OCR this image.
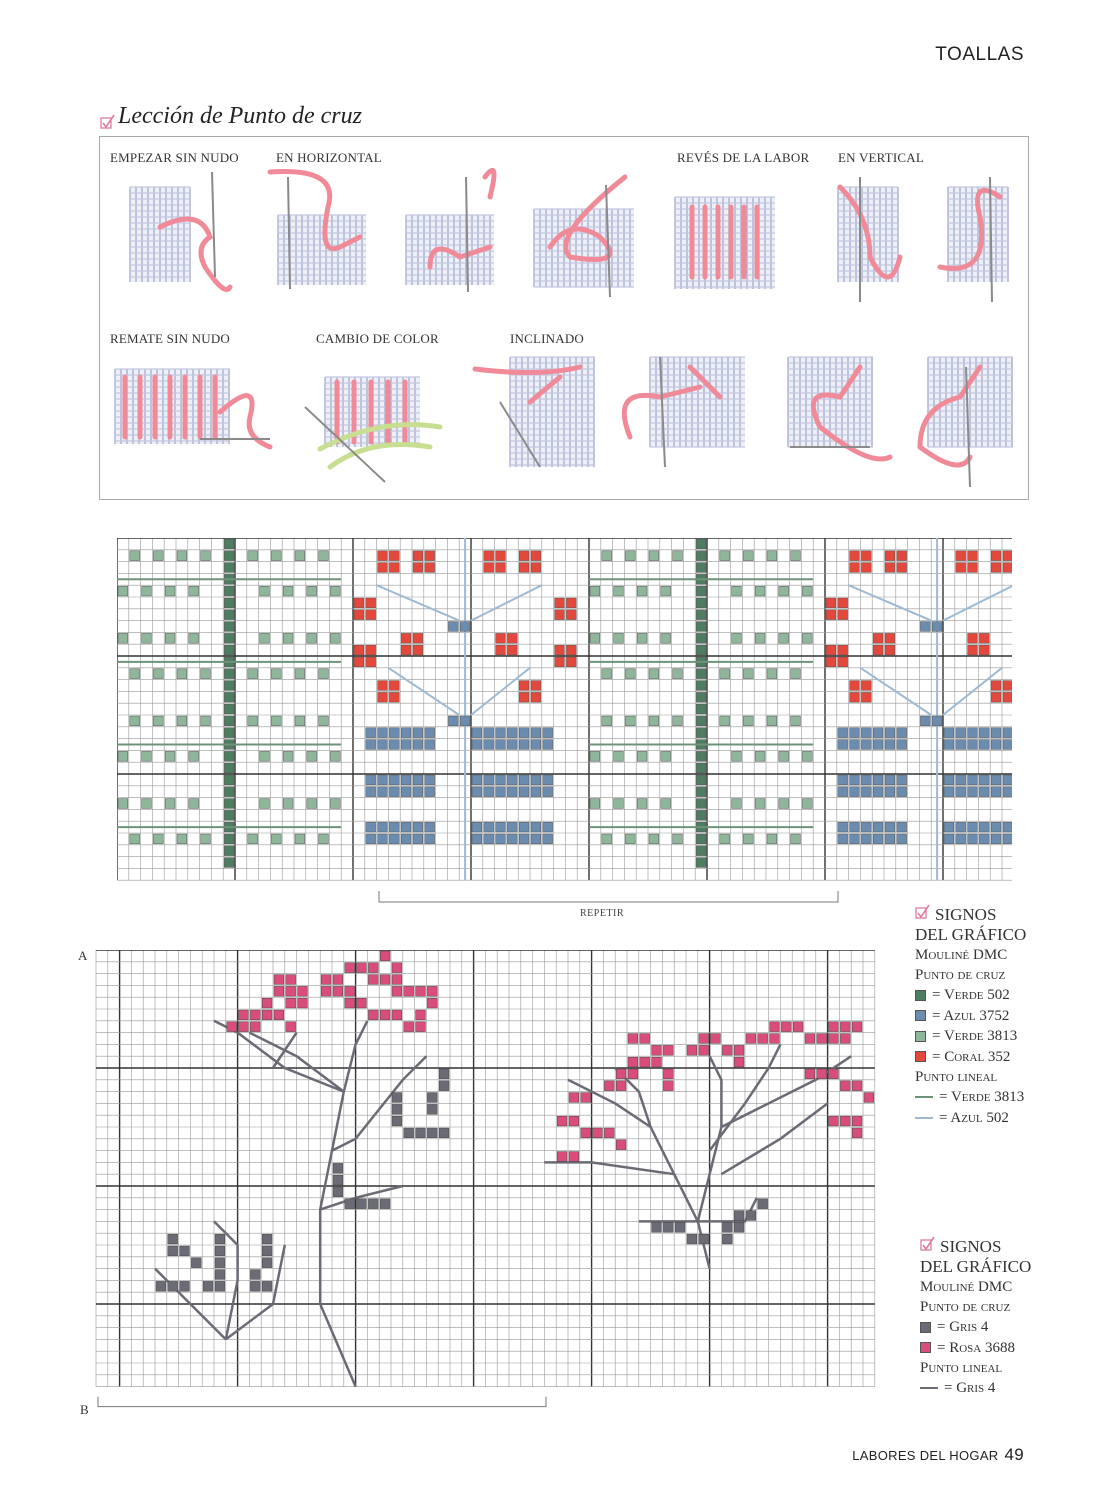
TOALLAS
Lección de Punto de cruz
EMPEZAR SIN NUDO	EN HORIZONTAL	REVÉS DE LA LABOR EN VERTICAL
REMATE SIN NUDO	CAMBIO DE COLOR	INCLINADO
REPETIR	SIGNOS
DEL GRÁFICO
Mouliné DMC
Punto de cruz
= Verde 502
= Azul 3752
= Verde 3813
= Coral 352
Punto lineal
= Verde 3813
= Azul 502
A
B
SIGNOS
DEL GRÁFICO
Mouliné DMC
Punto de cruz
= Gris 4
= Rosa 3688
Punto lineal
= Gris 4
LABORES DEL HOGAR 49
